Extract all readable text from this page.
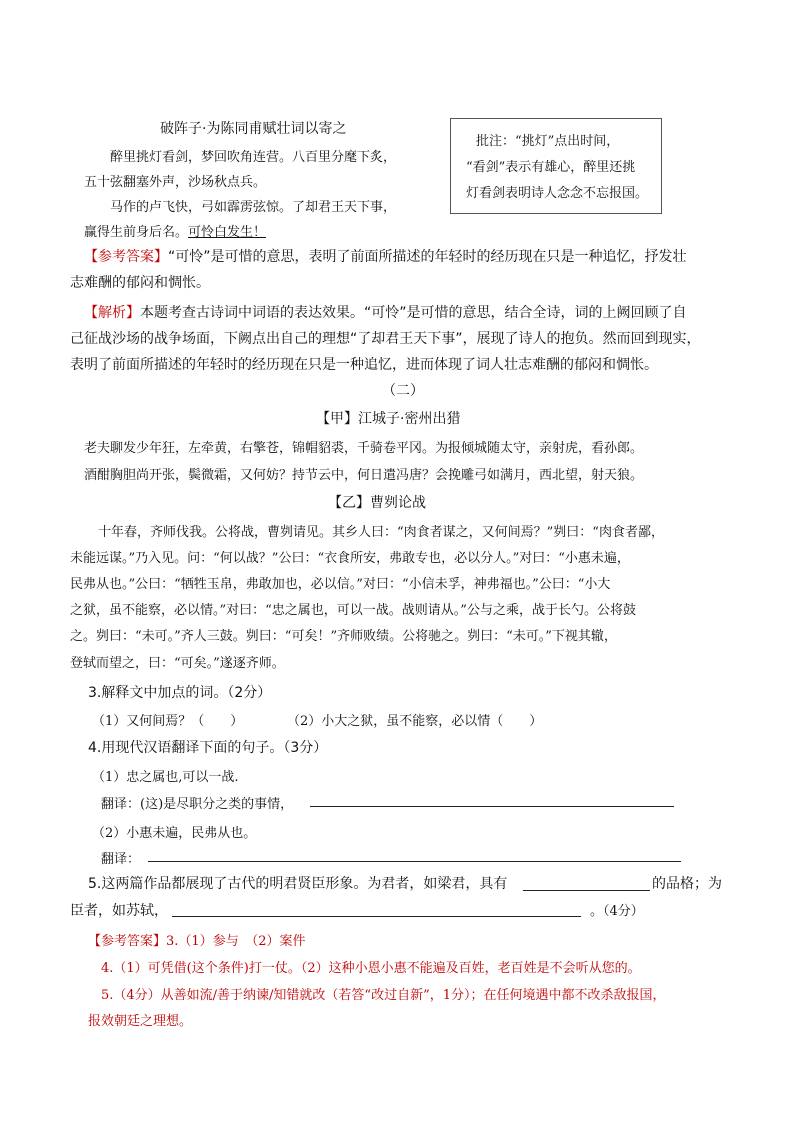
破阵子·为陈同甫赋壮词以寄之
醉里挑灯看剑，梦回吹角连营。八百里分麾下炙，
五十弦翻塞外声，沙场秋点兵。
马作的卢飞快，弓如霹雳弦惊。了却君王天下事，
赢得生前身后名。可怜白发生！
批注：“挑灯”点出时间，
“看剑”表示有雄心，醉里还挑
灯看剑表明诗人念念不忘报国。
【参考答案】“可怜”是可惜的意思，表明了前面所描述的年轻时的经历现在只是一种追忆，抒发壮
志难酬的郁闷和惆怅。
【解析】本题考查古诗词中词语的表达效果。“可怜”是可惜的意思，结合全诗，词的上阙回顾了自
己征战沙场的战争场面，下阙点出自己的理想“了却君王天下事”，展现了诗人的抱负。然而回到现实，
表明了前面所描述的年轻时的经历现在只是一种追忆，进而体现了词人壮志难酬的郁闷和惆怅。
（二）
【甲】江城子·密州出猎
老夫聊发少年狂，左牵黄，右擎苍，锦帽貂裘，千骑卷平冈。为报倾城随太守，亲射虎，看孙郎。
酒酣胸胆尚开张，鬓微霜，又何妨？持节云中，何日遣冯唐？会挽雕弓如满月，西北望，射天狼。
【乙】曹刿论战
十年春，齐师伐我。公将战，曹刿请见。其乡人曰：“肉食者谋之，又何间焉？”刿曰：“肉食者鄙，
未能远谋。”乃入见。问：“何以战？”公曰：“衣食所安，弗敢专也，必以分人。”对曰：“小惠未遍，
民弗从也。”公曰：“牺牲玉帛，弗敢加也，必以信。”对曰：“小信未孚，神弗福也。”公曰：“小大
之狱，虽不能察，必以情。”对曰：“忠之属也，可以一战。战则请从。”公与之乘，战于长勺。公将鼓
之。刿曰：“未可。”齐人三鼓。刿曰：“可矣！”齐师败绩。公将驰之。刿曰：“未可。”下视其辙，
登轼而望之，曰：“可矣。”遂逐齐师。
3.解释文中加点的词。（2分）
（1）又何间焉？（　　）	（2）小大之狱，虽不能察，必以情（　　）
4.用现代汉语翻译下面的句子。（3分）
（1）忠之属也,可以一战.
翻译：(这)是尽职分之类的事情，
（2）小惠未遍，民弗从也。
翻译：
5.这两篇作品都展现了古代的明君贤臣形象。为君者，如梁君，具有	的品格；为
臣者，如苏轼，	。（4分）
【参考答案】3.（1）参与　（2）案件
4.（1）可凭借(这个条件)打一仗。（2）这种小恩小惠不能遍及百姓，老百姓是不会听从您的。
5.（4分）从善如流/善于纳谏/知错就改（若答“改过自新”，1分）；在任何境遇中都不改杀敌报国，
报效朝廷之理想。
